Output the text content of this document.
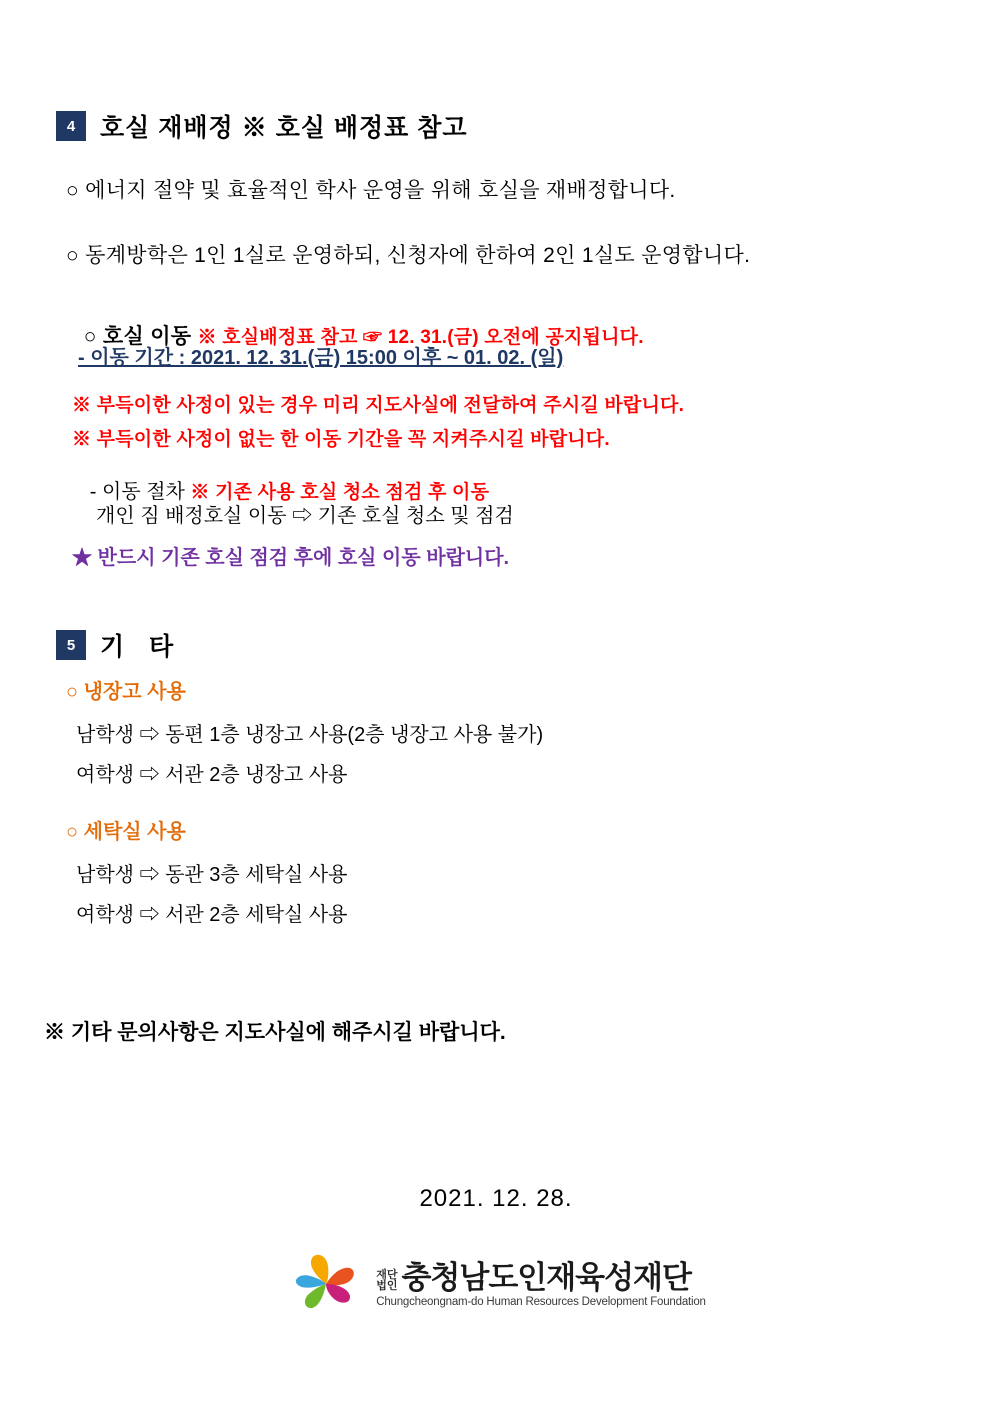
4 호실 재배정 ※ 호실 배정표 참고
○ 에너지 절약 및 효율적인 학사 운영을 위해 호실을 재배정합니다.
○ 동계방학은 1인 1실로 운영하되, 신청자에 한하여 2인 1실도 운영합니다.

○ 호실 이동 ※ 호실배정표 참고 ☞ 12. 31.(금) 오전에 공지됩니다.

- 이동 기간 : 2021. 12. 31.(금) 15:00 이후 ~ 01. 02. (일)
※ 부득이한 사정이 있는 경우 미리 지도사실에 전달하여 주시길 바랍니다.
※ 부득이한 사정이 없는 한 이동 기간을 꼭 지켜주시길 바랍니다.

- 이동 절차 ※ 기존 사용 호실 청소 점검 후 이동

개인 짐 배정호실 이동 ⇨ 기존 호실 청소 및 점검
★ 반드시 기존 호실 점검 후에 호실 이동 바랍니다.
5 기   타
○ 냉장고 사용
남학생 ⇨ 동편 1층 냉장고 사용(2층 냉장고 사용 불가)
여학생 ⇨ 서관 2층 냉장고 사용
○ 세탁실 사용
남학생 ⇨ 동관 3층 세탁실 사용
여학생 ⇨ 서관 2층 세탁실 사용
※ 기타 문의사항은 지도사실에 해주시길 바랍니다.
2021. 12. 28.
재단
법인 충청남도인재육성재단
Chungcheongnam-do Human Resources Development Foundation
